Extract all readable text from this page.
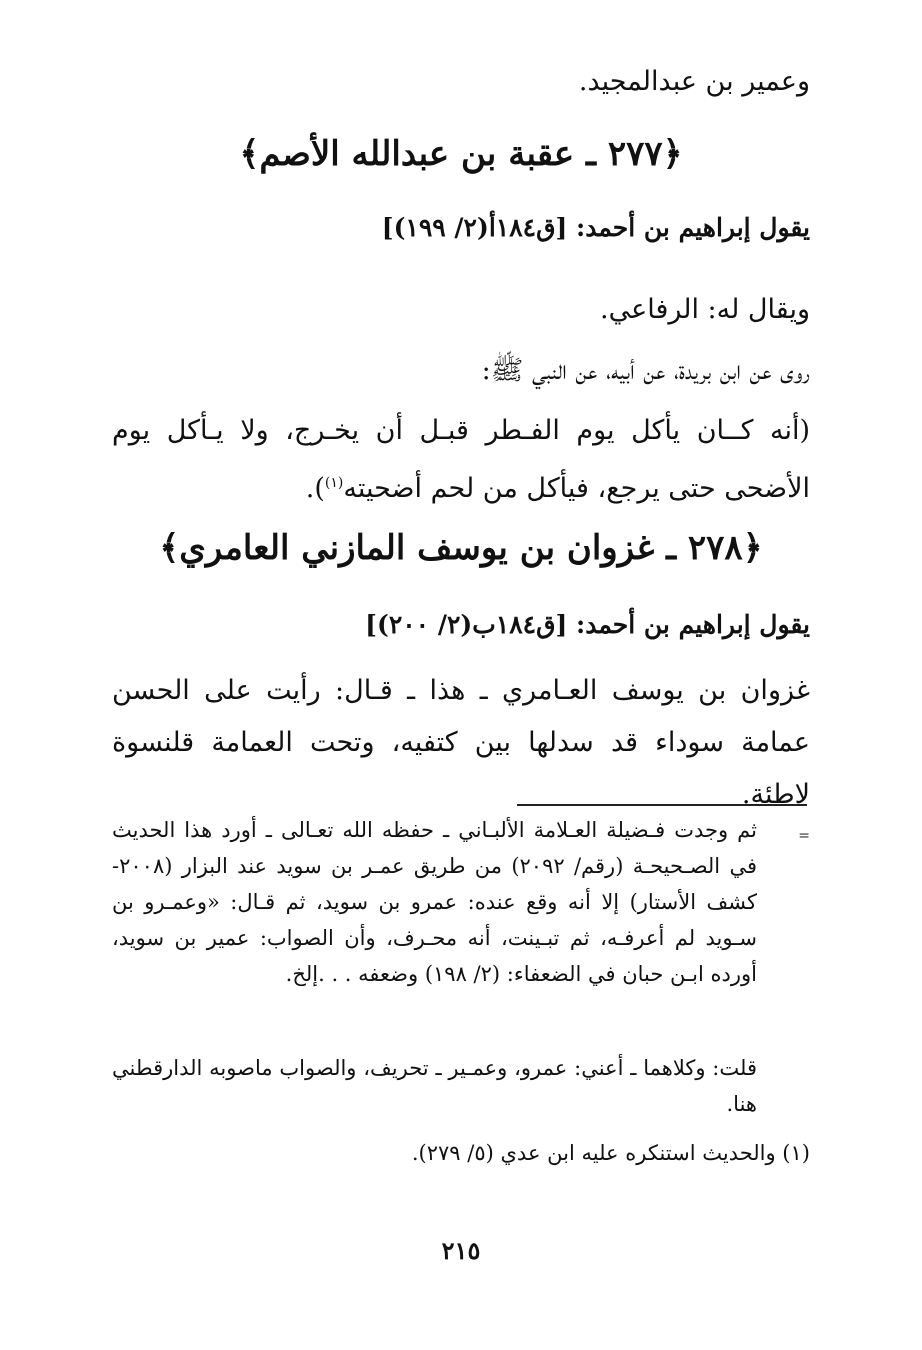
وعمير بن عبدالمجيد.
﴿٢٧٧ ـ عقبة بن عبدالله الأصم﴾
يقول إبراهيم بن أحمد: [ق١٨٤أ(٢/ ١٩٩)]
ويقال له: الرفاعي.
روى عن ابن بريدة، عن أبيه، عن النبي ﷺ:
(أنه كــان يأكل يوم الفـطر قبـل أن يخـرج، ولا يـأكل يوم الأضحى حتى يرجع، فيأكل من لحم أضحيته$^{(١)}$).
﴿٢٧٨ ـ غزوان بن يوسف المازني العامري﴾
يقول إبراهيم بن أحمد: [ق١٨٤ب(٢/ ٢٠٠)]
غزوان بن يوسف العـامري ـ هذا ـ قـال: رأيت على الحسن عمامة سوداء قد سدلها بين كتفيه، وتحت العمامة قلنسوة لاطئة.
=
ثم وجدت فـضيلة العـلامة الألبـاني ـ حفظه الله تعـالى ـ أورد هذا الحديث في الصـحيحـة (رقم/ ٢٠٩٢) من طريق عمـر بن سويد عند البزار (٢٠٠٨-كشف الأستار) إلا أنه وقع عنده: عمرو بن سويد، ثم قـال: «وعمـرو بن سـويد لم أعرفـه، ثم تبـينت، أنه محـرف، وأن الصواب: عمير بن سويد، أورده ابـن حبان في الضعفاء: (٢/ ١٩٨) وضعفه . . .إلخ.
قلت: وكلاهما ـ أعني: عمرو، وعمـير ـ تحريف، والصواب ماصوبه الدارقطني هنا.
(١) والحديث استنكره عليه ابن عدي (٥/ ٢٧٩).
٢١٥
